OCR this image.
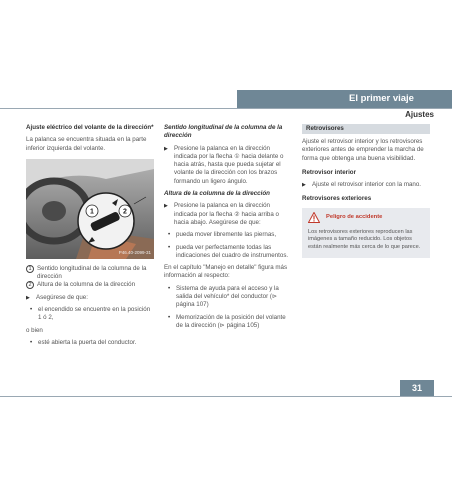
El primer viaje
Ajustes
Ajuste eléctrico del volante de la dirección*
La palanca se encuentra situada en la parte inferior izquierda del volante.
2
1
P46.40-2099-31
1 Sentido longitudinal de la columna de la dirección
2 Altura de la columna de la dirección
▶ Asegúrese de que:
• el encendido se encuentre en la posición 1 ó 2,
o bien
• esté abierta la puerta del conductor.
Sentido longitudinal de la columna de la dirección
▶ Presione la palanca en la dirección indicada por la flecha ① hacia delante o hacia atrás, hasta que pueda sujetar el volante de la dirección con los brazos formando un ligero ángulo.
Altura de la columna de la dirección
▶ Presione la palanca en la dirección indicada por la flecha ② hacia arriba o hacia abajo. Asegúrese de que:
• pueda mover libremente las piernas,
• pueda ver perfectamente todas las indicaciones del cuadro de instrumentos.
En el capítulo "Manejo en detalle" figura más información al respecto:
• Sistema de ayuda para el acceso y la salida del vehículo* del conductor (⊳ página 107)
• Memorización de la posición del volante de la dirección (⊳ página 105)
Retrovisores
Ajuste el retrovisor interior y los retrovisores exteriores antes de emprender la marcha de forma que obtenga una buena visibilidad.
Retrovisor interior
▶ Ajuste el retrovisor interior con la mano.
Retrovisores exteriores
Peligro de accidente
Los retrovisores exteriores reproducen las imágenes a tamaño reducido. Los objetos están realmente más cerca de lo que parece.
31
